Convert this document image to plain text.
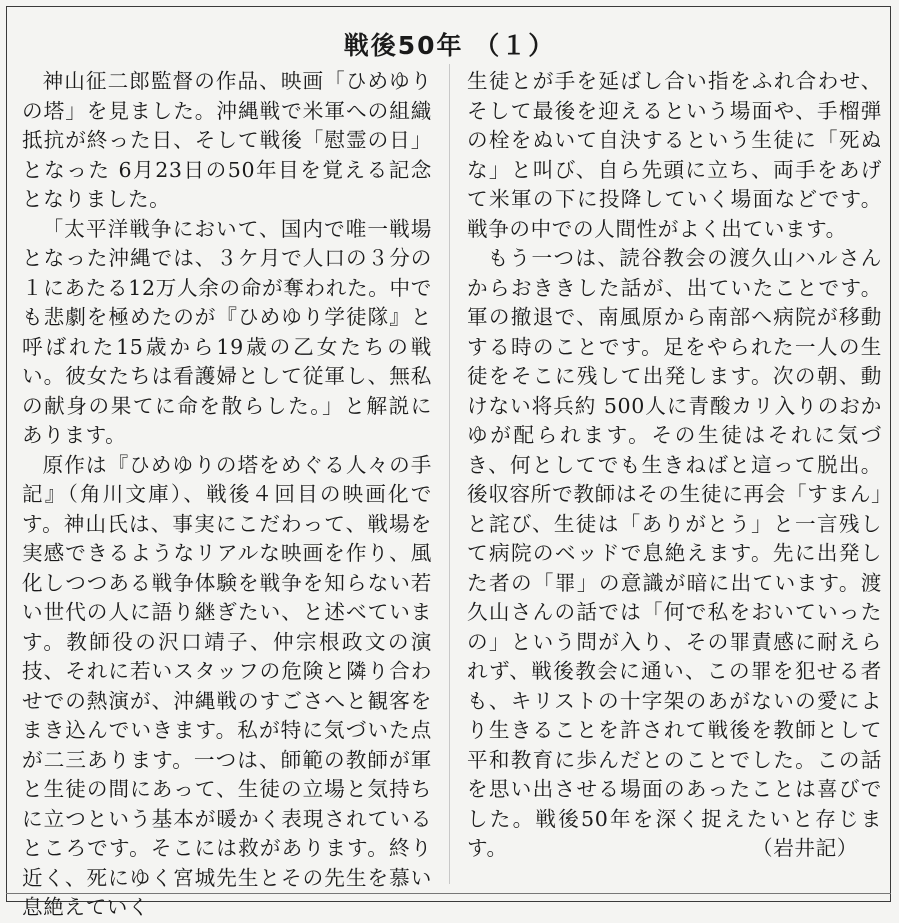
戦後50年 （１）

神山征二郎監督の作品、映画「ひめゆりの塔」を見ました。沖縄戦で米軍への組織抵抗が終った日、そして戦後「慰霊の日」となった 6月23日の50年目を覚える記念となりました。

「太平洋戦争において、国内で唯一戦場となった沖縄では、３ケ月で人口の３分の１にあたる12万人余の命が奪われた。中でも悲劇を極めたのが『ひめゆり学徒隊』と呼ばれた15歳から19歳の乙女たちの戦い。彼女たちは看護婦として従軍し、無私の献身の果てに命を散らした。」と解説にあります。

原作は『ひめゆりの塔をめぐる人々の手記』（角川文庫）、戦後４回目の映画化です。神山氏は、事実にこだわって、戦場を実感できるようなリアルな映画を作り、風化しつつある戦争体験を戦争を知らない若い世代の人に語り継ぎたい、と述べています。教師役の沢口靖子、仲宗根政文の演技、それに若いスタッフの危険と隣り合わせでの熱演が、沖縄戦のすごさへと観客をまき込んでいきます。私が特に気づいた点が二三あります。一つは、師範の教師が軍と生徒の間にあって、生徒の立場と気持ちに立つという基本が暖かく表現されているところです。そこには救があります。終り近く、死にゆく宮城先生とその先生を慕い息絶えていく

生徒とが手を延ばし合い指をふれ合わせ、そして最後を迎えるという場面や、手榴弾の栓をぬいて自決するという生徒に「死ぬな」と叫び、自ら先頭に立ち、両手をあげて米軍の下に投降していく場面などです。戦争の中での人間性がよく出ています。

もう一つは、読谷教会の渡久山ハルさんからおききした話が、出ていたことです。軍の撤退で、南風原から南部へ病院が移動する時のことです。足をやられた一人の生徒をそこに残して出発します。次の朝、動けない将兵約 500人に青酸カリ入りのおかゆが配られます。その生徒はそれに気づき、何としてでも生きねばと這って脱出。後収容所で教師はその生徒に再会「すまん」と詫び、生徒は「ありがとう」と一言残して病院のベッドで息絶えます。先に出発した者の「罪」の意識が暗に出ています。渡久山さんの話では「何で私をおいていったの」という問が入り、その罪責感に耐えられず、戦後教会に通い、この罪を犯せる者も、キリストの十字架のあがないの愛により生きることを許されて戦後を教師として平和教育に歩んだとのことでした。この話を思い出させる場面のあったことは喜びでした。戦後50年を深く捉えたいと存じます。	（岩井記）
